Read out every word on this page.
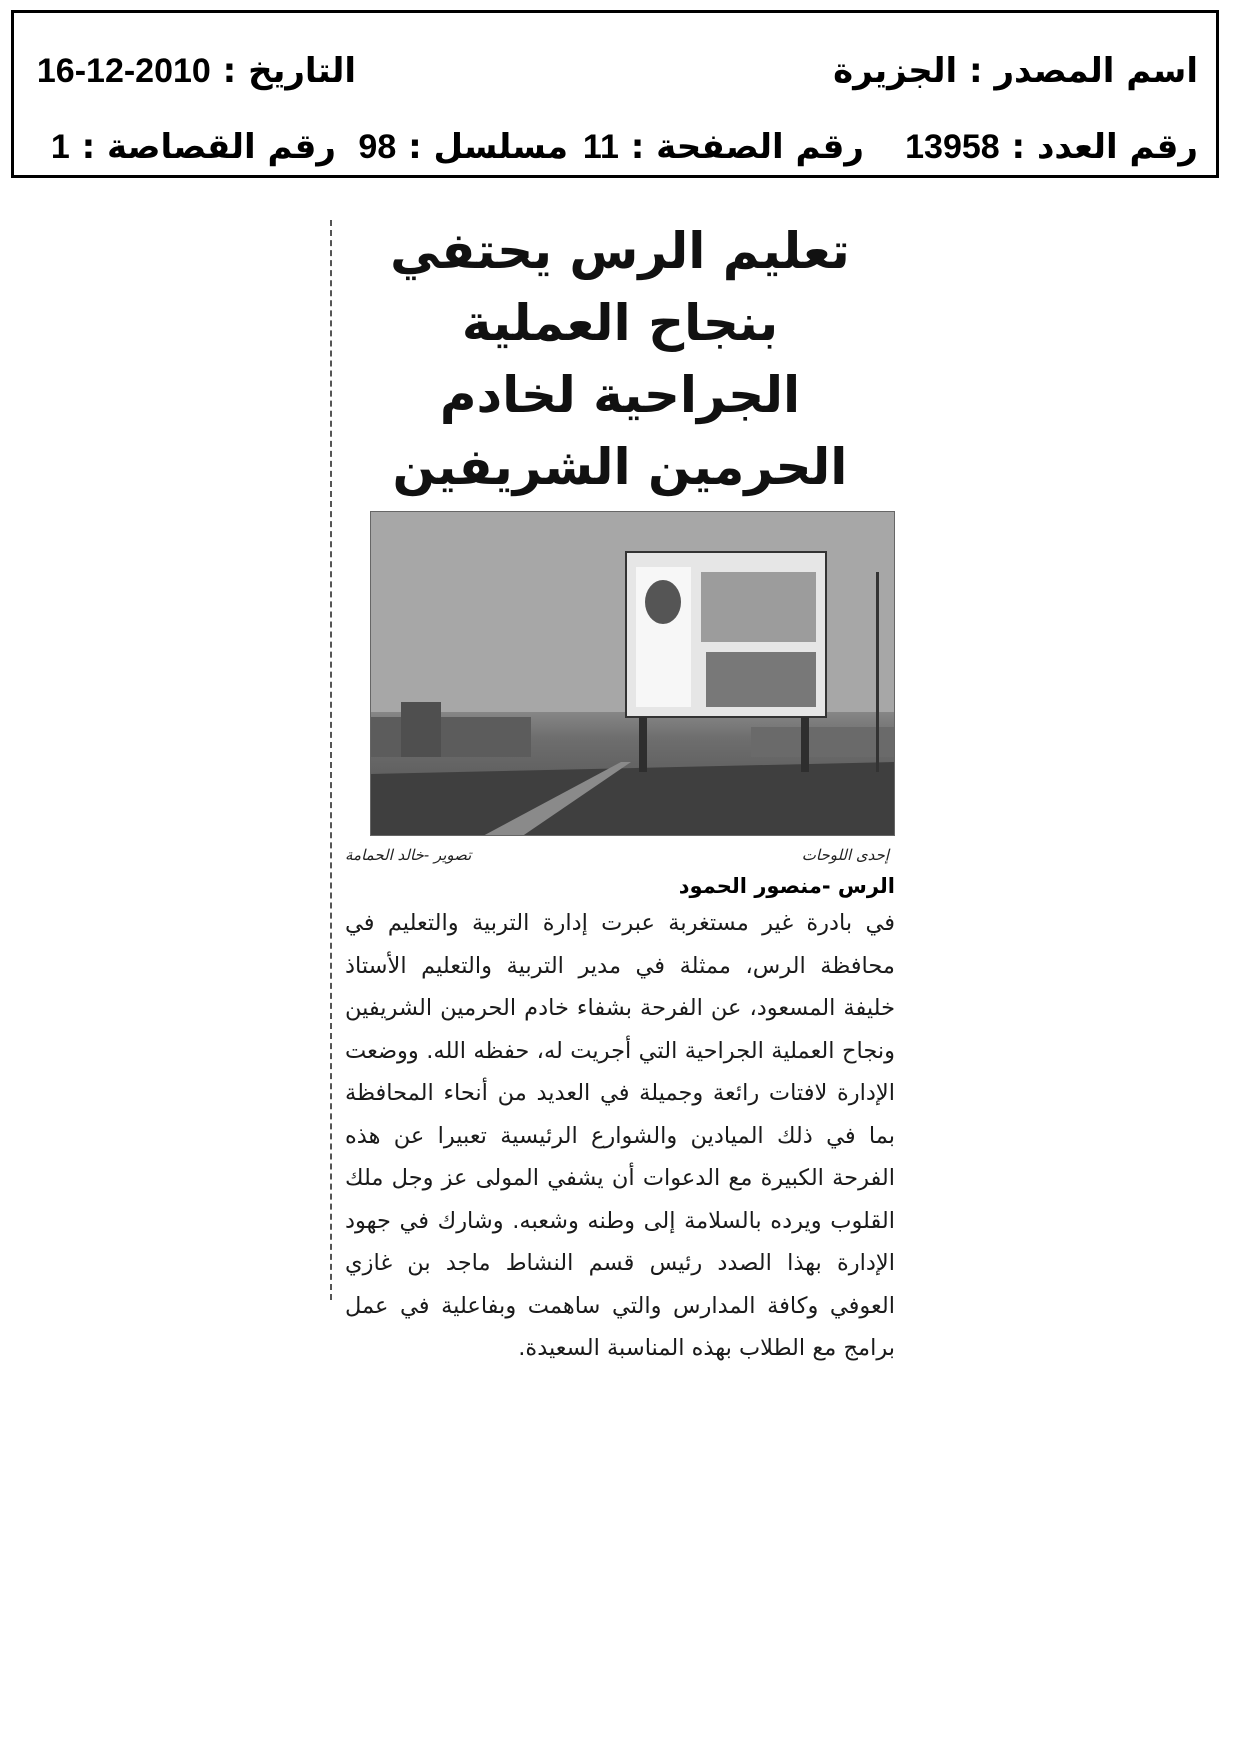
اسم المصدر : الجزيرة
التاريخ : 16-12-2010
رقم العدد : 13958
رقم الصفحة : 11
مسلسل : 98
رقم القصاصة : 1
تعليم الرس يحتفي بنجاح العملية
الجراحية لخادم الحرمين الشريفين
إحدى اللوحات
تصوير -خالد الحمامة
الرس -منصور الحمود

في بادرة غير مستغربة عبرت إدارة التربية والتعليم في محافظة الرس، ممثلة في مدير التربية والتعليم الأستاذ خليفة المسعود، عن الفرحة بشفاء خادم الحرمين الشريفين ونجاح العملية الجراحية التي أجريت له، حفظه الله. ووضعت الإدارة لافتات رائعة وجميلة في العديد من أنحاء المحافظة بما في ذلك الميادين والشوارع الرئيسية تعبيرا عن هذه الفرحة الكبيرة مع الدعوات أن يشفي المولى عز وجل ملك القلوب ويرده بالسلامة إلى وطنه وشعبه. وشارك في جهود الإدارة بهذا الصدد رئيس قسم النشاط ماجد بن غازي العوفي وكافة المدارس والتي ساهمت وبفاعلية في عمل برامج مع الطلاب بهذه المناسبة السعيدة.
